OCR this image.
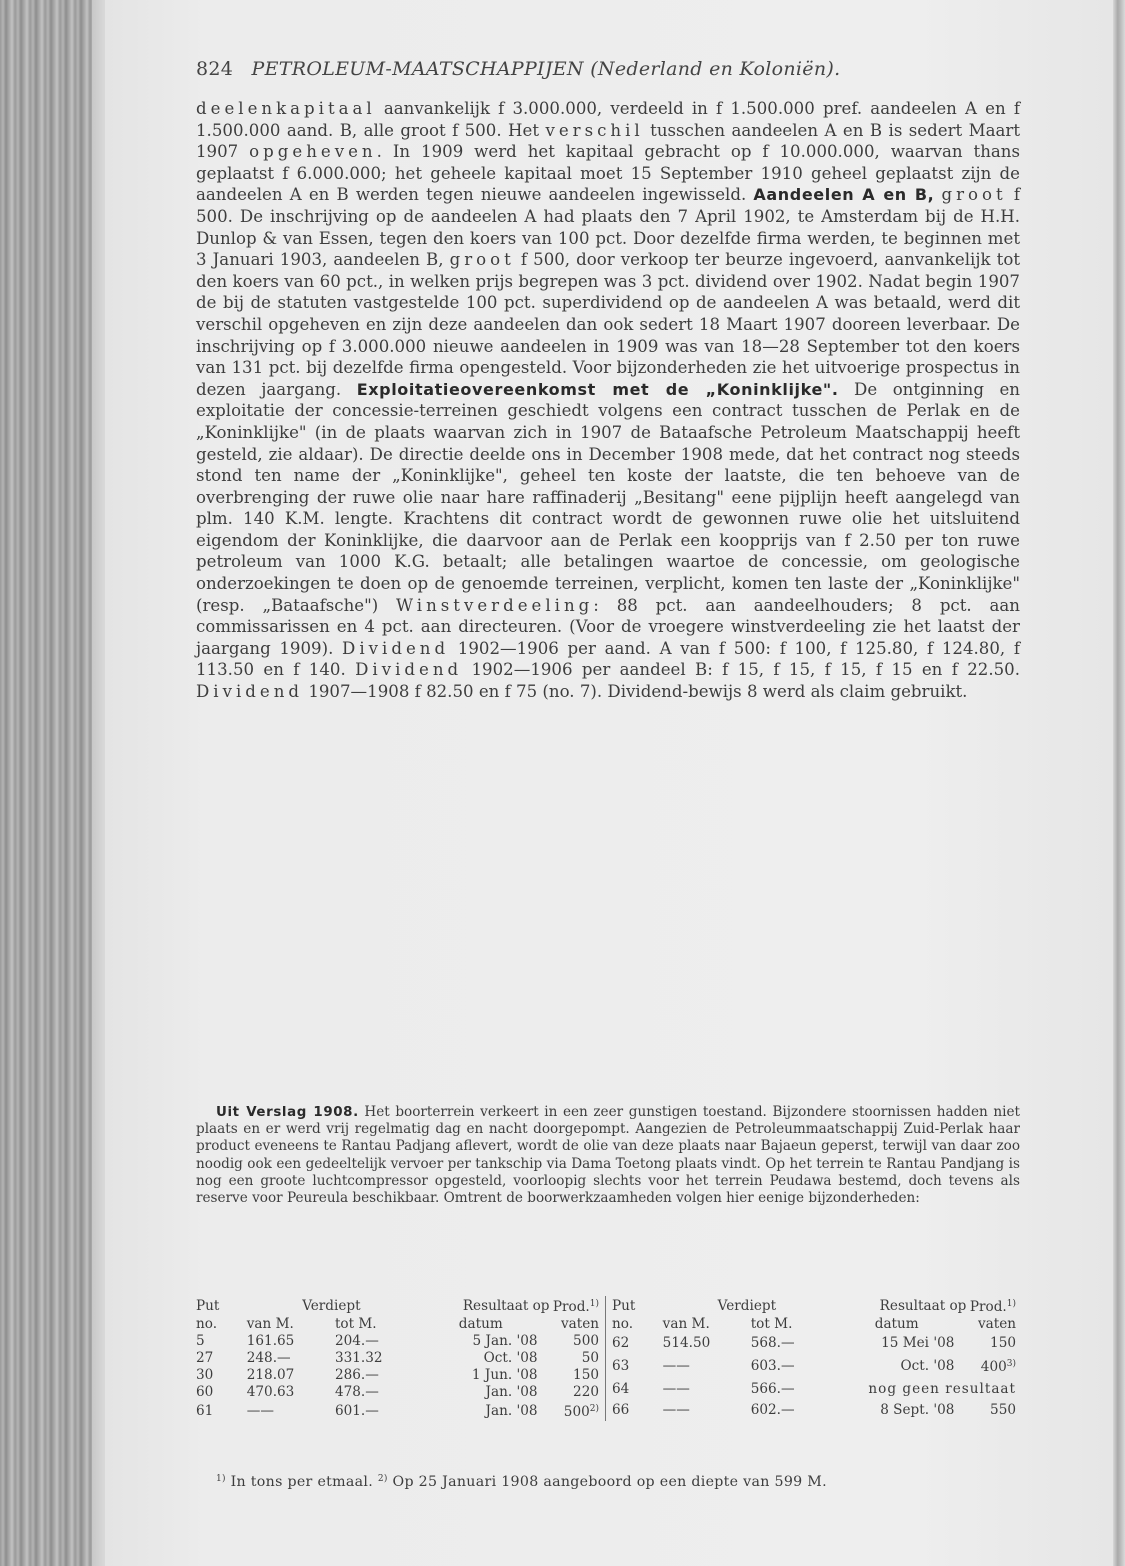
824 PETROLEUM-MAATSCHAPPIJEN (Nederland en Koloniën).

deelenkapitaal aanvankelijk f 3.000.000, verdeeld in f 1.500.000 pref. aandeelen A en f 1.500.000 aand. B, alle groot f 500. Het verschil tusschen aandeelen A en B is sedert Maart 1907 opgeheven. In 1909 werd het kapitaal gebracht op f 10.000.000, waarvan thans geplaatst f 6.000.000; het geheele kapitaal moet 15 September 1910 geheel geplaatst zijn de aandeelen A en B werden tegen nieuwe aandeelen ingewisseld. Aandeelen A en B, groot f 500. De inschrijving op de aandeelen A had plaats den 7 April 1902, te Amsterdam bij de H.H. Dunlop & van Essen, tegen den koers van 100 pct. Door dezelfde firma werden, te beginnen met 3 Januari 1903, aandeelen B, groot f 500, door verkoop ter beurze ingevoerd, aanvankelijk tot den koers van 60 pct., in welken prijs begrepen was 3 pct. dividend over 1902. Nadat begin 1907 de bij de statuten vastgestelde 100 pct. superdividend op de aandeelen A was betaald, werd dit verschil opgeheven en zijn deze aandeelen dan ook sedert 18 Maart 1907 dooreen leverbaar. De inschrijving op f 3.000.000 nieuwe aandeelen in 1909 was van 18—28 September tot den koers van 131 pct. bij dezelfde firma opengesteld. Voor bijzonderheden zie het uitvoerige prospectus in dezen jaargang. Exploitatieovereenkomst met de „Koninklijke". De ontginning en exploitatie der concessie-terreinen geschiedt volgens een contract tusschen de Perlak en de „Koninklijke" (in de plaats waarvan zich in 1907 de Bataafsche Petroleum Maatschappij heeft gesteld, zie aldaar). De directie deelde ons in December 1908 mede, dat het contract nog steeds stond ten name der „Koninklijke", geheel ten koste der laatste, die ten behoeve van de overbrenging der ruwe olie naar hare raffinaderij „Besitang" eene pijplijn heeft aangelegd van plm. 140 K.M. lengte. Krachtens dit contract wordt de gewonnen ruwe olie het uitsluitend eigendom der Koninklijke, die daarvoor aan de Perlak een koopprijs van f 2.50 per ton ruwe petroleum van 1000 K.G. betaalt; alle betalingen waartoe de concessie, om geologische onderzoekingen te doen op de genoemde terreinen, verplicht, komen ten laste der „Koninklijke" (resp. „Bataafsche") Winstverdeeling: 88 pct. aan aandeelhouders; 8 pct. aan commissarissen en 4 pct. aan directeuren. (Voor de vroegere winstverdeeling zie het laatst der jaargang 1909). Dividend 1902—1906 per aand. A van f 500: f 100, f 125.80, f 124.80, f 113.50 en f 140. Dividend 1902—1906 per aandeel B: f 15, f 15, f 15, f 15 en f 22.50. Dividend 1907—1908 f 82.50 en f 75 (no. 7). Dividend-bewijs 8 werd als claim gebruikt.

Uit Verslag 1908. Het boorterrein verkeert in een zeer gunstigen toestand. Bijzondere stoornissen hadden niet plaats en er werd vrij regelmatig dag en nacht doorgepompt. Aangezien de Petroleummaatschappij Zuid-Perlak haar product eveneens te Rantau Padjang aflevert, wordt de olie van deze plaats naar Bajaeun geperst, terwijl van daar zoo noodig ook een gedeeltelijk vervoer per tankschip via Dama Toetong plaats vindt. Op het terrein te Rantau Pandjang is nog een groote luchtcompressor opgesteld, voorloopig slechts voor het terrein Peudawa bestemd, doch tevens als reserve voor Peureula beschikbaar. Omtrent de boorwerkzaamheden volgen hier eenige bijzonderheden:

Put	Verdiept		Resultaat op	Prod.$^{1)}$
no.	van M.	tot M.	datum	vaten
5	161.65	204.—	5 Jan. '08	500
27	248.—	331.32	Oct. '08	50
30	218.07	286.—	1 Jun. '08	150
60	470.63	478.—	Jan. '08	220
61	——	601.—	Jan. '08	500$^{2)}$
Put	Verdiept		Resultaat op	Prod.$^{1)}$
no.	van M.	tot M.	datum	vaten
62	514.50	568.—	15 Mei '08	150
63	——	603.—	Oct. '08	400$^{3)}$
64	——	566.—	nog geen resultaat	
66	——	602.—	8 Sept. '08	550
$^{1)}$ In tons per etmaal. $^{2)}$ Op 25 Januari 1908 aangeboord op een diepte van 599 M.
